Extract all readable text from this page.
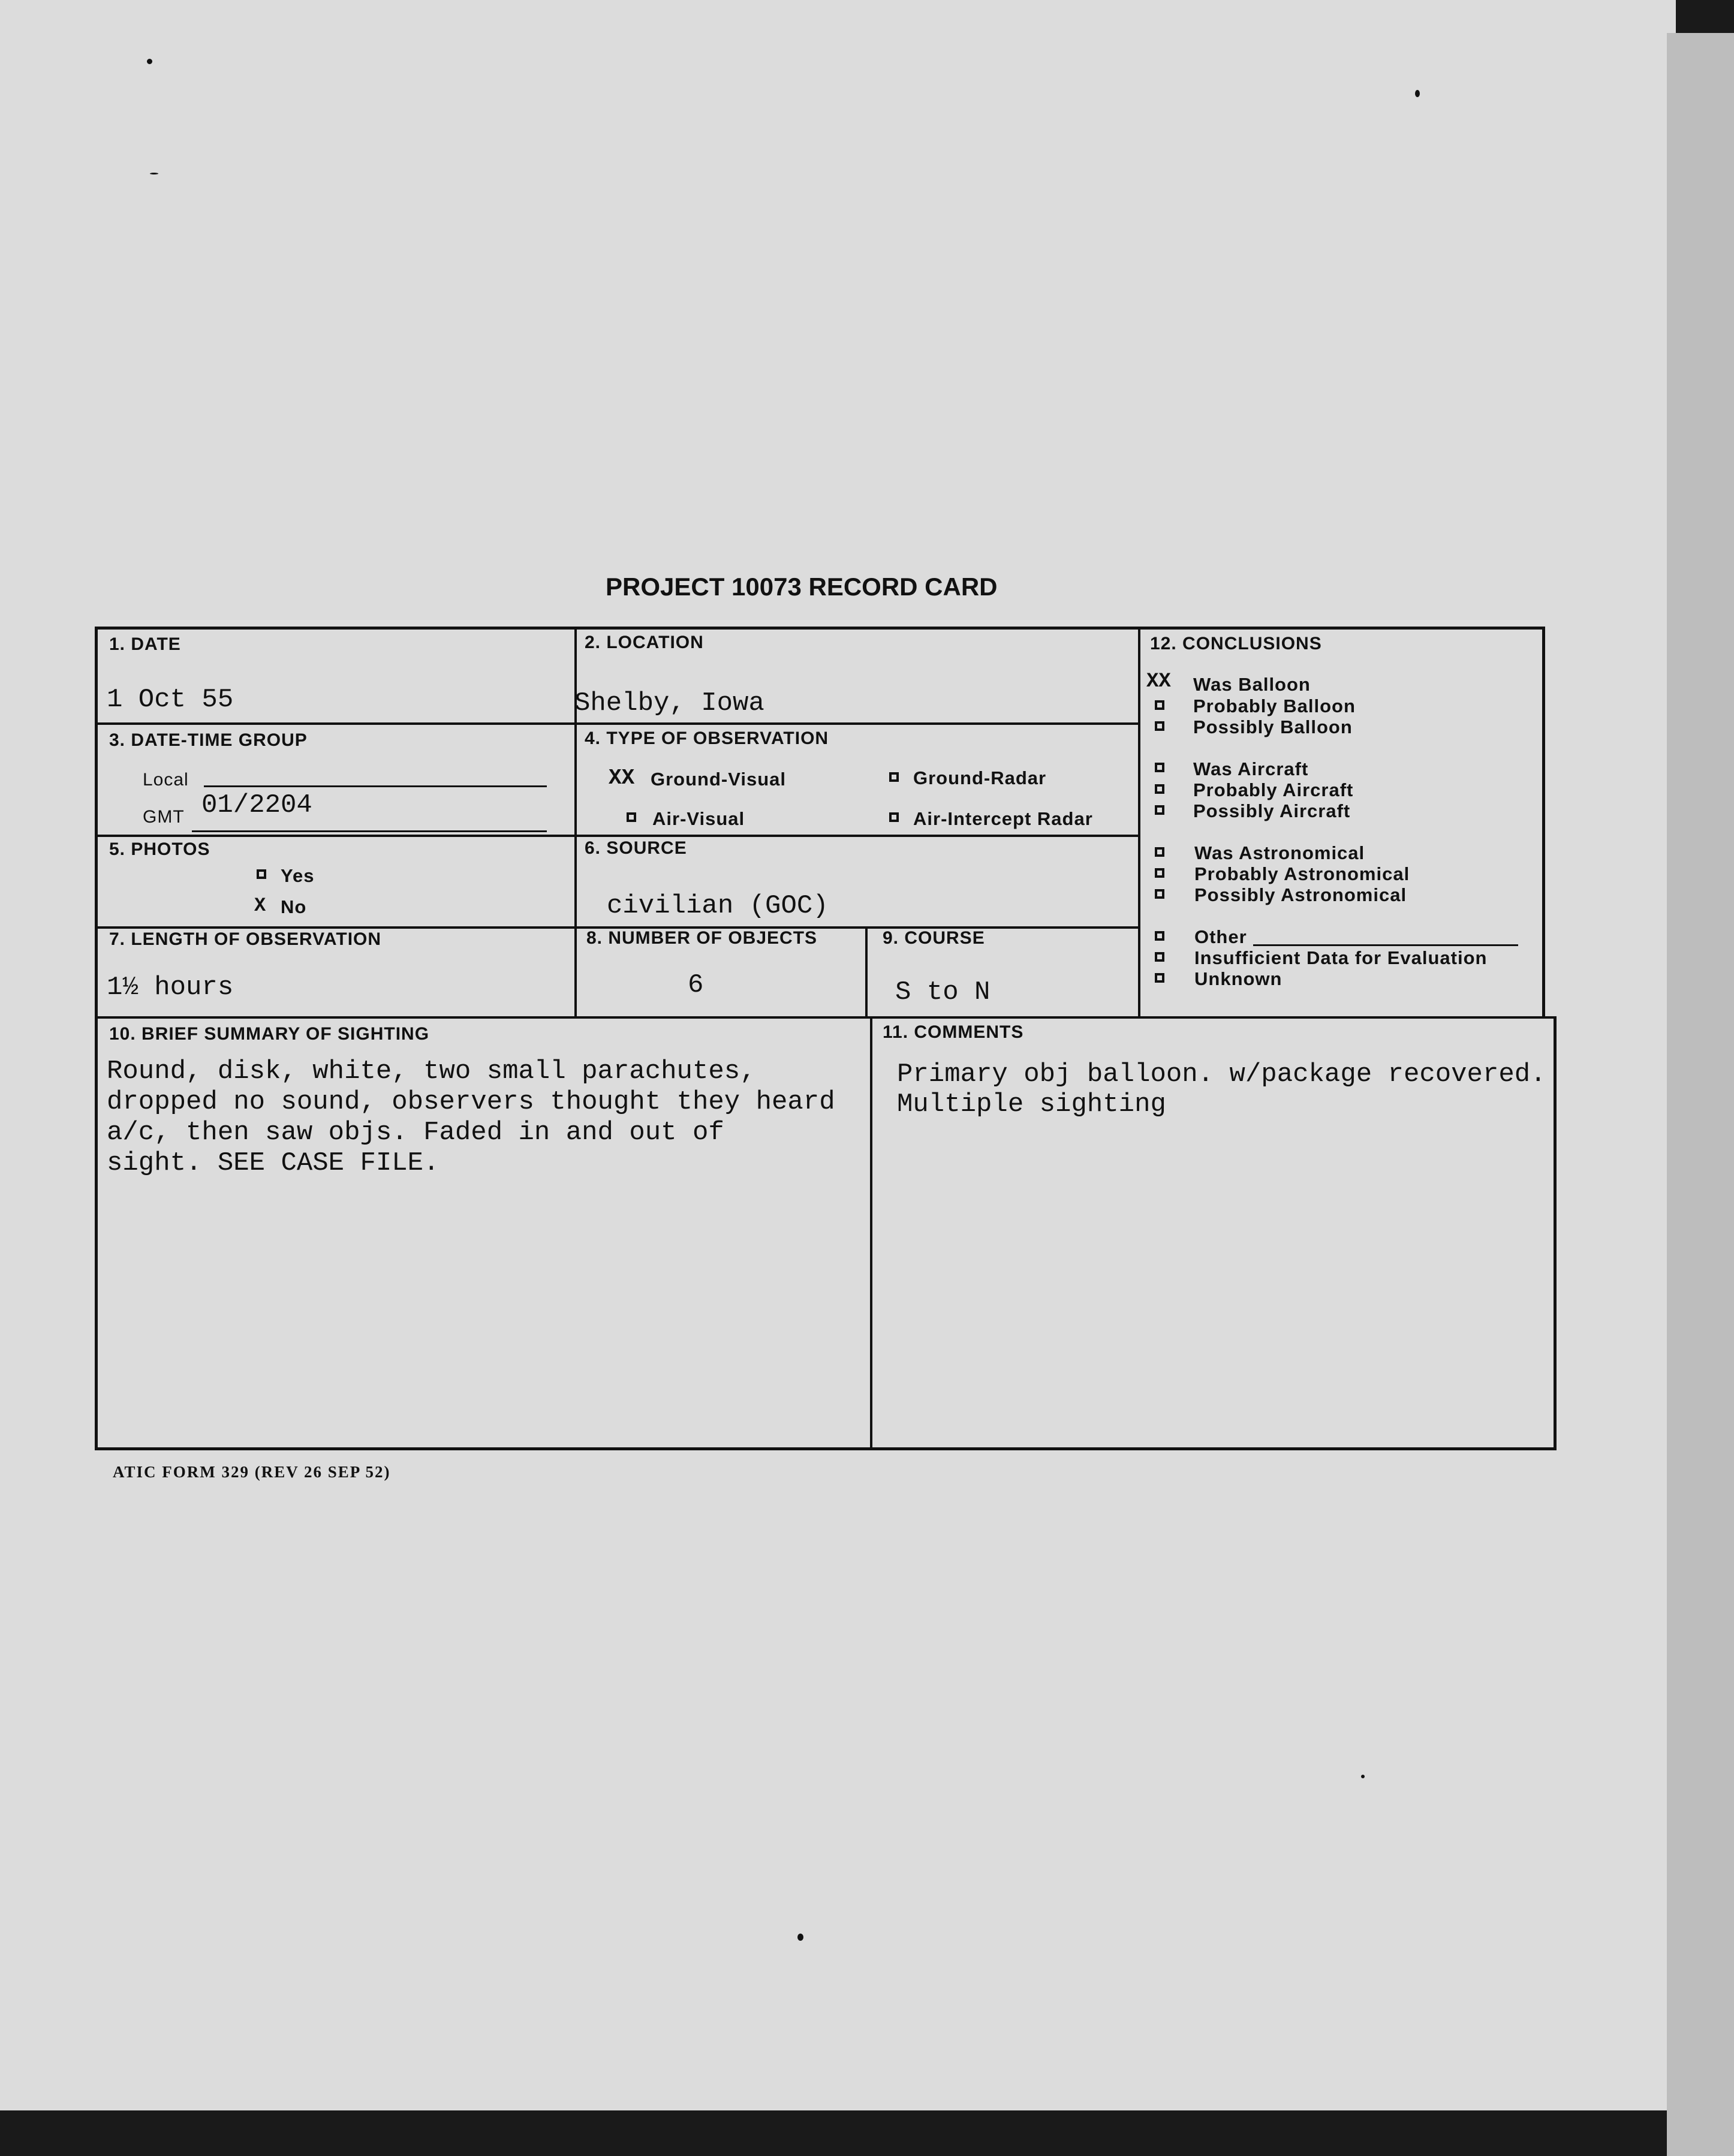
PROJECT 10073 RECORD CARD
1. DATE
1 Oct 55
2. LOCATION
Shelby, Iowa
3. DATE-TIME GROUP
Local
GMT 01/2204
4. TYPE OF OBSERVATION
XX Ground-Visual	Ground-Radar
Air-Visual	Air-Intercept Radar
5. PHOTOS
Yes
X No
6. SOURCE
civilian (GOC)
7. LENGTH OF OBSERVATION
1½ hours
8. NUMBER OF OBJECTS
6
9. COURSE
S to N
10. BRIEF SUMMARY OF SIGHTING
Round, disk, white, two small parachutes,
dropped no sound, observers thought they heard
a/c, then saw objs. Faded in and out of
sight. SEE CASE FILE.
11. COMMENTS
Primary obj balloon. w/package recovered.
Multiple sighting
12. CONCLUSIONS
XX Was Balloon
Probably Balloon
Possibly Balloon
Was Aircraft
Probably Aircraft
Possibly Aircraft
Was Astronomical
Probably Astronomical
Possibly Astronomical
Other
Insufficient Data for Evaluation
Unknown
ATIC FORM 329 (REV 26 SEP 52)
